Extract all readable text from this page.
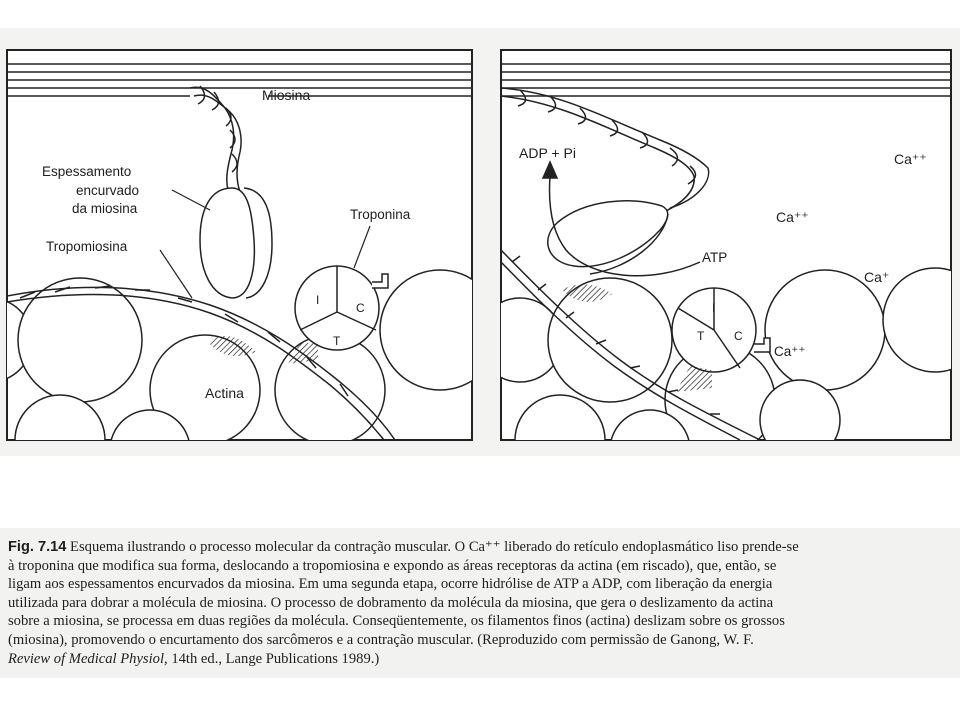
Miosina
Espessamento
encurvado
da miosina	Troponina
Tropomiosina
Actina
I
C
T
ADP + Pi
ATP
Ca⁺⁺
Ca⁺⁺
Ca⁺
Ca⁺⁺
I
T C
Fig. 7.14 Esquema ilustrando o processo molecular da contração muscular. O Ca⁺⁺ liberado do retículo endoplasmático liso prende-se
à troponina que modifica sua forma, deslocando a tropomiosina e expondo as áreas receptoras da actina (em riscado), que, então, se
ligam aos espessamentos encurvados da miosina. Em uma segunda etapa, ocorre hidrólise de ATP a ADP, com liberação da energia
utilizada para dobrar a molécula de miosina. O processo de dobramento da molécula da miosina, que gera o deslizamento da actina
sobre a miosina, se processa em duas regiões da molécula. Conseqüentemente, os filamentos finos (actina) deslizam sobre os grossos
(miosina), promovendo o encurtamento dos sarcômeros e a contração muscular. (Reproduzido com permissão de Ganong, W. F.
Review of Medical Physiol, 14th ed., Lange Publications 1989.)
